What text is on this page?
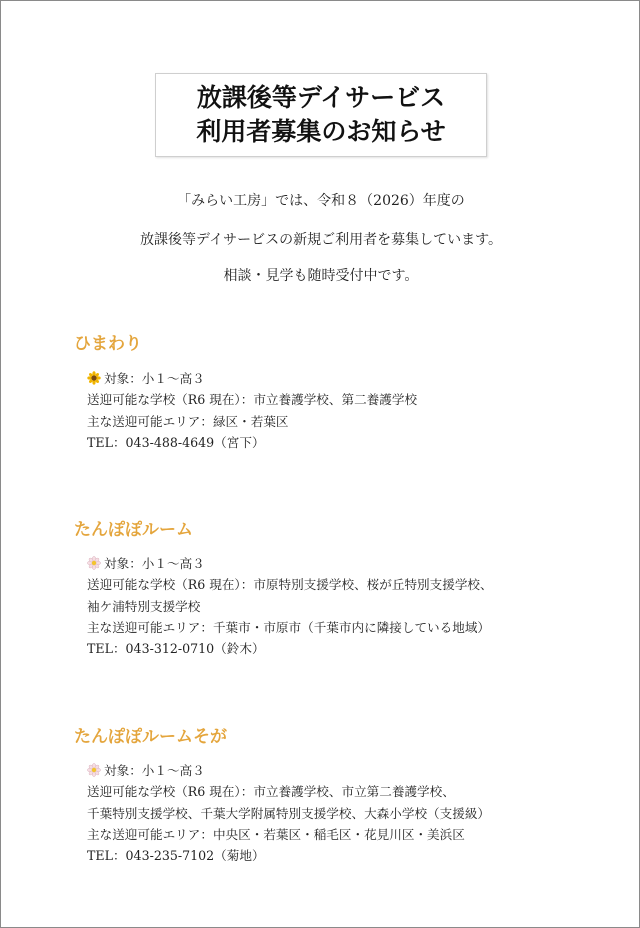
放課後等デイサービス
利用者募集のお知らせ
「みらい工房」では、令和８（2026）年度の
放課後等デイサービスの新規ご利用者を募集しています。
相談・見学も随時受付中です。
ひまわり
対象：小１〜高３
送迎可能な学校（R6 現在）：市立養護学校、第二養護学校
主な送迎可能エリア：緑区・若葉区
TEL：043-488-4649（宮下）
たんぽぽルーム
対象：小１〜高３
送迎可能な学校（R6 現在）：市原特別支援学校、桜が丘特別支援学校、
袖ケ浦特別支援学校
主な送迎可能エリア：千葉市・市原市（千葉市内に隣接している地域）
TEL：043-312-0710（鈴木）
たんぽぽルームそが
対象：小１〜高３
送迎可能な学校（R6 現在）：市立養護学校、市立第二養護学校、
千葉特別支援学校、千葉大学附属特別支援学校、大森小学校（支援級）
主な送迎可能エリア：中央区・若葉区・稲毛区・花見川区・美浜区
TEL：043-235-7102（菊地）
